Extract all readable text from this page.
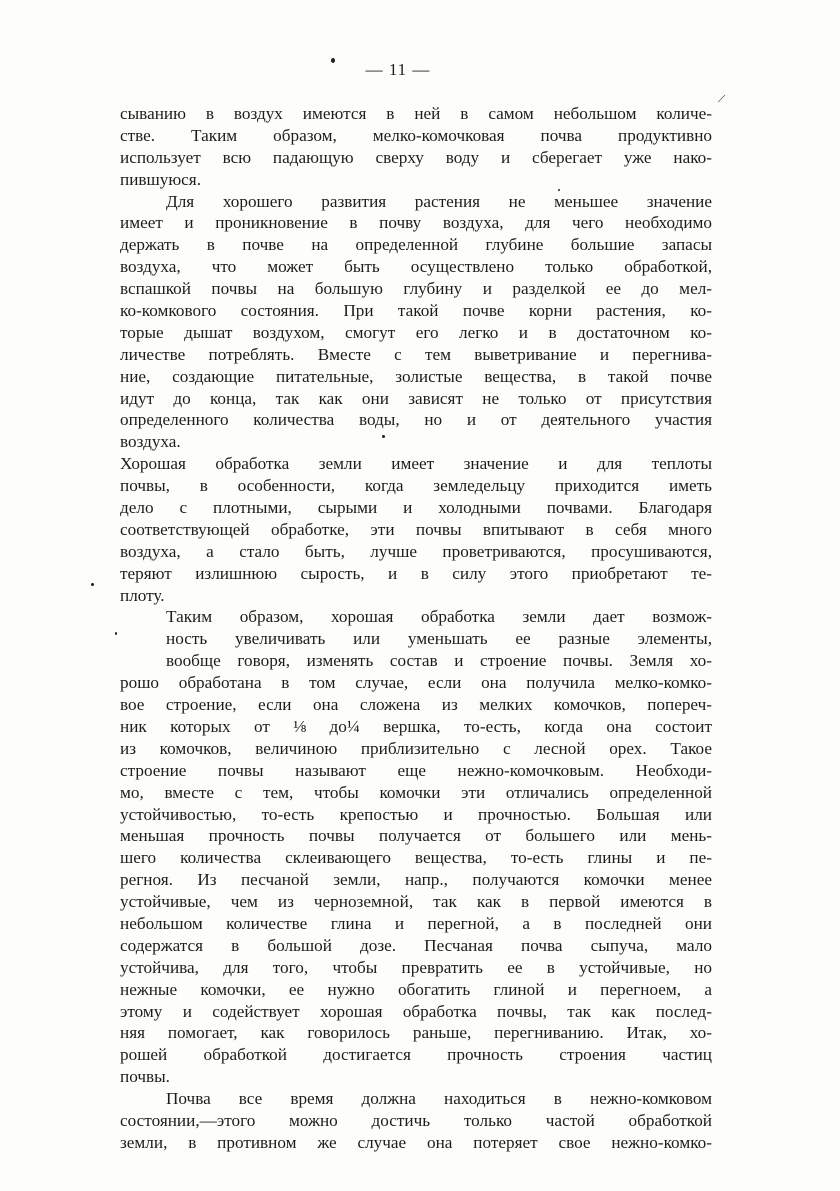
— 11 —
/
сыванию в воздух имеются в ней в самом небольшом количе-
стве. Таким образом, мелко-комочковая почва продуктивно
использует всю падающую сверху воду и сберегает уже нако-
пившуюся.
Для хорошего развития растения не меньшее значение
имеет и проникновение в почву воздуха, для чего необходимо
держать в почве на определенной глубине большие запасы
воздуха, что может быть осуществлено только обработкой,
вспашкой почвы на большую глубину и разделкой ее до мел-
ко-комкового состояния. При такой почве корни растения, ко-
торые дышат воздухом, смогут его легко и в достаточном ко-
личестве потреблять. Вместе с тем выветривание и перегнива-
ние, создающие питательные, золистые вещества, в такой почве
идут до конца, так как они зависят не только от присутствия
определенного количества воды, но и от деятельного участия
воздуха.
Хорошая обработка земли имеет значение и для теплоты
почвы, в особенности, когда земледельцу приходится иметь
дело с плотными, сырыми и холодными почвами. Благодаря
соответствующей обработке, эти почвы впитывают в себя много
воздуха, а стало быть, лучше проветриваются, просушиваются,
теряют излишнюю сырость, и в силу этого приобретают те-
плоту.
Таким образом, хорошая обработка земли дает возмож-
ность увеличивать или уменьшать ее разные элементы,
вообще говоря, изменять состав и строение почвы. Земля хо-
рошо обработана в том случае, если она получила мелко-комко-
вое строение, если она сложена из мелких комочков, попереч-
ник которых от ⅛ до¼ вершка, то-есть, когда она состоит
из комочков, величиною приблизительно с лесной орех. Такое
строение почвы называют еще нежно-комочковым. Необходи-
мо, вместе с тем, чтобы комочки эти отличались определенной
устойчивостью, то-есть крепостью и прочностью. Большая или
меньшая прочность почвы получается от большего или мень-
шего количества склеивающего вещества, то-есть глины и пе-
регноя. Из песчаной земли, напр., получаются комочки менее
устойчивые, чем из черноземной, так как в первой имеются в
небольшом количестве глина и перегной, а в последней они
содержатся в большой дозе. Песчаная почва сыпуча, мало
устойчива, для того, чтобы превратить ее в устойчивые, но
нежные комочки, ее нужно обогатить глиной и перегноем, а
этому и содействует хорошая обработка почвы, так как послед-
няя помогает, как говорилось раньше, перегниванию. Итак, хо-
рошей обработкой достигается прочность строения частиц
почвы.
Почва все время должна находиться в нежно-комковом
состоянии,—этого можно достичь только частой обработкой
земли, в противном же случае она потеряет свое нежно-комко-
